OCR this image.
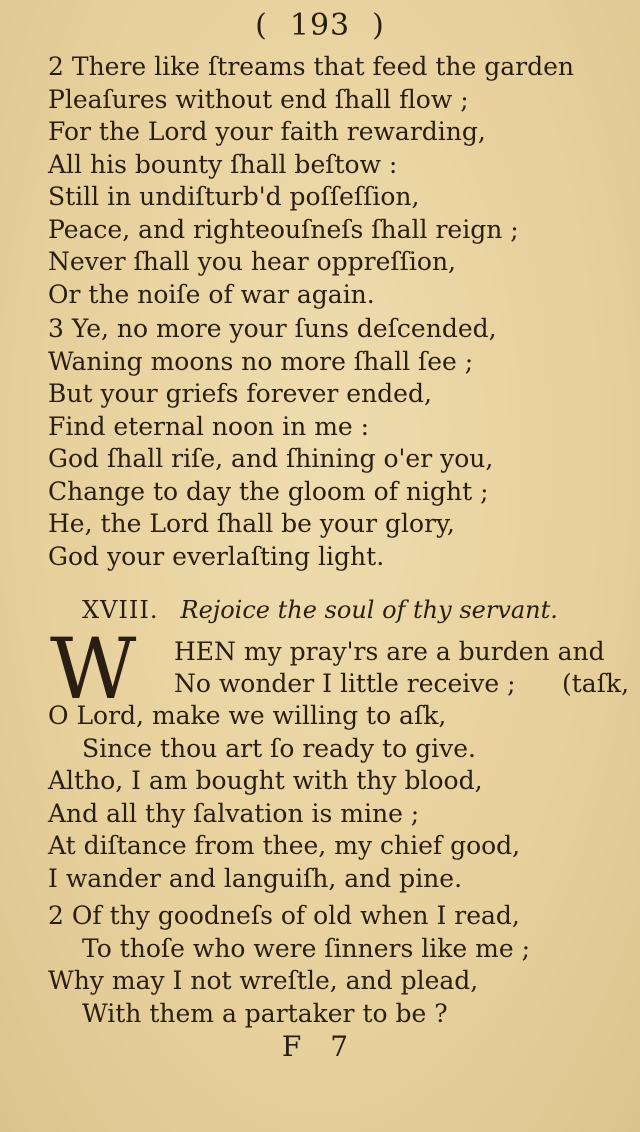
( 193 )
2 There like ſtreams that feed the garden
Pleaſures without end ſhall flow ;
For the Lord your faith rewarding,
All his bounty ſhall beſtow :
Still in undiſturb'd poſſeſſion,
Peace, and righteouſneſs ſhall reign ;
Never ſhall you hear oppreſſion,
Or the noiſe of war again.
3 Ye, no more your ſuns deſcended,
Waning moons no more ſhall ſee ;
But your griefs forever ended,
Find eternal noon in me :
God ſhall riſe, and ſhining o'er you,
Change to day the gloom of night ;
He, the Lord ſhall be your glory,
God your everlaſting light.
XVIII. Rejoice the soul of thy servant.
W HEN my pray'rs are a burden and
No wonder I little receive ; (taſk,
O Lord, make we willing to aſk,
Since thou art ſo ready to give.
Altho, I am bought with thy blood,
And all thy ſalvation is mine ;
At diſtance from thee, my chief good,
I wander and languiſh, and pine.
2 Of thy goodneſs of old when I read,
To thoſe who were ſinners like me ;
Why may I not wreſtle, and plead,
With them a partaker to be ?
F 7
